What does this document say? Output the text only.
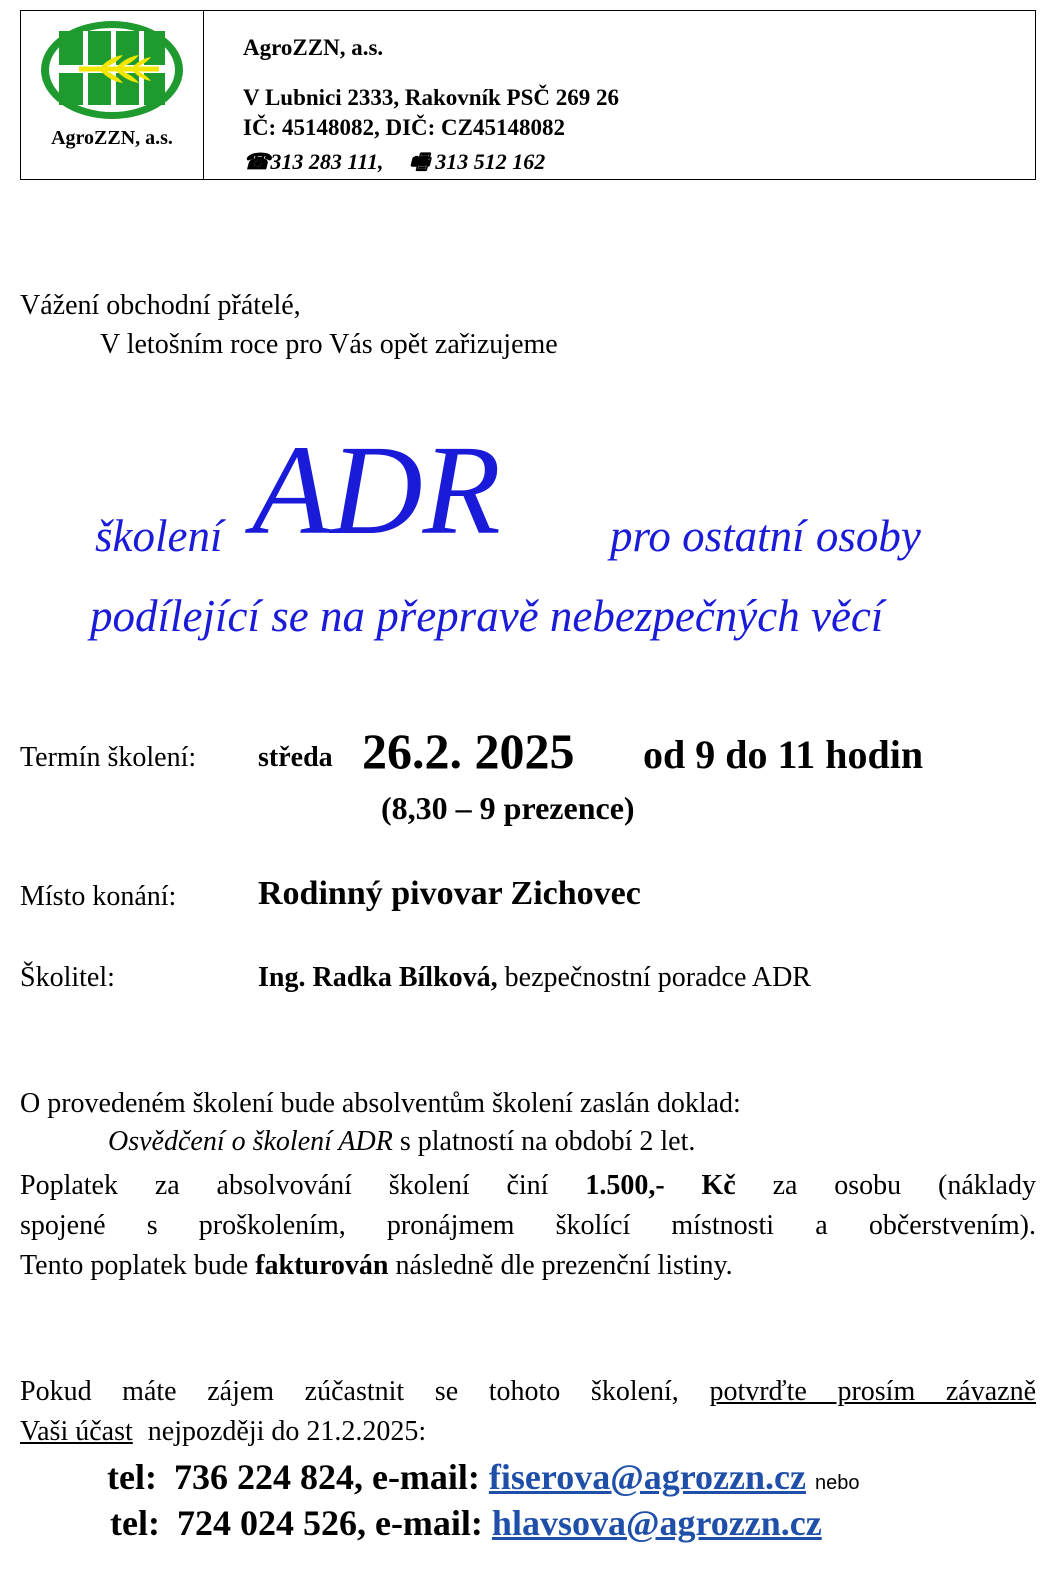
AgroZZN, a.s.
AgroZZN, a.s.
V Lubnici 2333, Rakovník PSČ 269 26
IČ: 45148082, DIČ: CZ45148082
☎313 283 111, 🖷 313 512 162
Vážení obchodní přátelé,
V letošním roce pro Vás opět zařizujeme
školení ADR pro ostatní osoby
podílející se na přepravě nebezpečných věcí
Termín školení: středa 26.2. 2025 od 9 do 11 hodin
(8,30 – 9 prezence)
Místo konání: Rodinný pivovar Zichovec
Školitel:	Ing. Radka Bílková, bezpečnostní poradce ADR
O provedeném školení bude absolventům školení zaslán doklad:
Osvědčení o školení ADR s platností na období 2 let.
Poplatek za absolvování školení činí 1.500,- Kč za osobu (náklady
spojené s proškolením, pronájmem školící místnosti a občerstvením).
Tento poplatek bude fakturován následně dle prezenční listiny.
Pokud máte zájem zúčastnit se tohoto školení, potvrďte prosím závazně
Vaši účast nejpozději do 21.2.2025:
tel: 736 224 824, e-mail: fiserova@agrozzn.cz nebo
tel: 724 024 526, e-mail: hlavsova@agrozzn.cz
